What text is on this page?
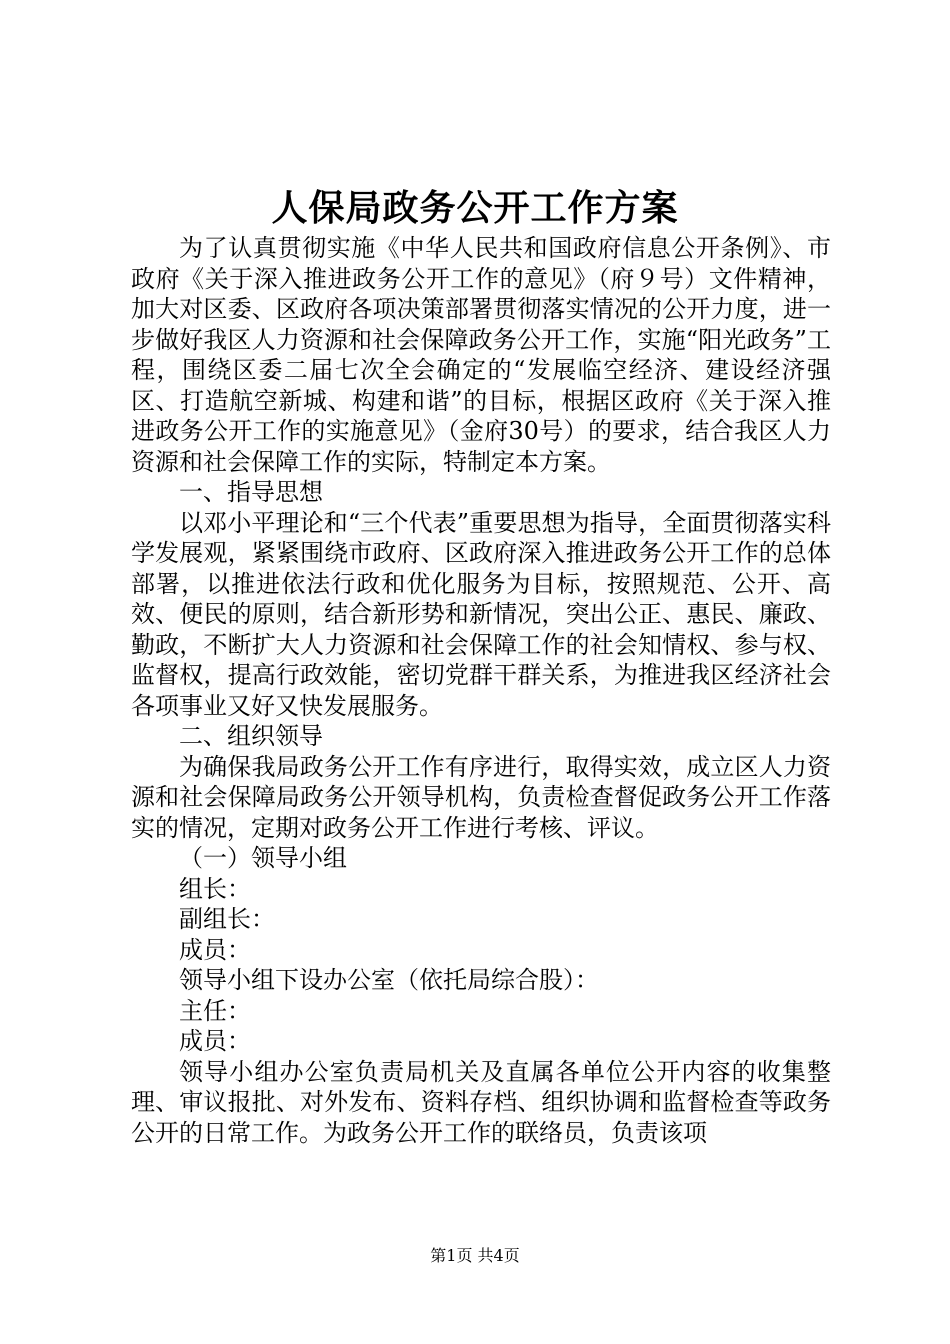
人保局政务公开工作方案

为了认真贯彻实施《中华人民共和国政府信息公开条例》、市政府《关于深入推进政务公开工作的意见》（府９号）文件精神，加大对区委、区政府各项决策部署贯彻落实情况的公开力度，进一步做好我区人力资源和社会保障政务公开工作，实施“阳光政务”工程，围绕区委二届七次全会确定的“发展临空经济、建设经济强区、打造航空新城、构建和谐”的目标，根据区政府《关于深入推进政务公开工作的实施意见》（金府30号）的要求，结合我区人力资源和社会保障工作的实际，特制定本方案。

一、指导思想

以邓小平理论和“三个代表”重要思想为指导，全面贯彻落实科学发展观，紧紧围绕市政府、区政府深入推进政务公开工作的总体部署，以推进依法行政和优化服务为目标，按照规范、公开、高效、便民的原则，结合新形势和新情况，突出公正、惠民、廉政、勤政，不断扩大人力资源和社会保障工作的社会知情权、参与权、监督权，提高行政效能，密切党群干群关系，为推进我区经济社会各项事业又好又快发展服务。

二、组织领导

为确保我局政务公开工作有序进行，取得实效，成立区人力资源和社会保障局政务公开领导机构，负责检查督促政务公开工作落实的情况，定期对政务公开工作进行考核、评议。

（一）领导小组

组长：

副组长：

成员：

领导小组下设办公室（依托局综合股）：

主任：

成员：

领导小组办公室负责局机关及直属各单位公开内容的收集整理、审议报批、对外发布、资料存档、组织协调和监督检查等政务公开的日常工作。为政务公开工作的联络员，负责该项

第1页 共4页
